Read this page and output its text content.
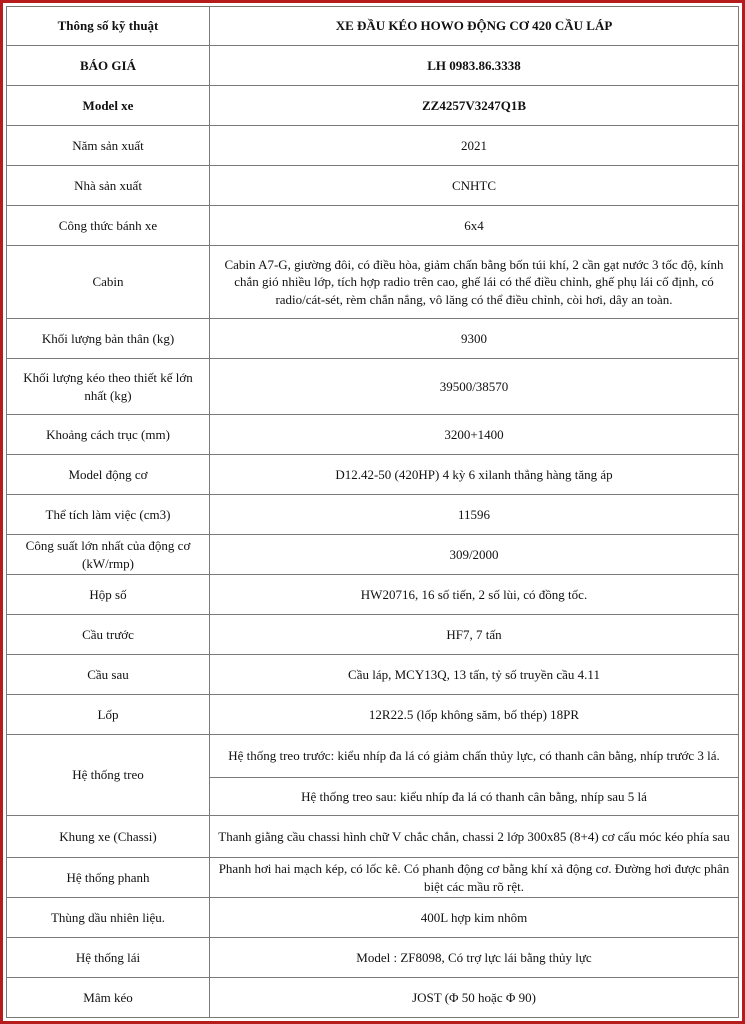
Thông số kỹ thuật	XE ĐẦU KÉO HOWO ĐỘNG CƠ 420 CẦU LÁP
BÁO GIÁ	LH 0983.86.3338
Model xe	ZZ4257V3247Q1B
Năm sản xuất	2021
Nhà sản xuất	CNHTC
Công thức bánh xe	6x4
Cabin	Cabin A7-G, giường đôi, có điều hòa, giảm chấn bằng bốn túi khí, 2 cần gạt nước 3 tốc độ, kính chắn gió nhiều lớp, tích hợp radio trên cao, ghế lái có thể điều chỉnh, ghế phụ lái cố định, có radio/cát-sét, rèm chắn nắng, vô lăng có thể điều chỉnh, còi hơi, dây an toàn.
Khối lượng bản thân (kg)	9300
Khối lượng kéo theo thiết kế lớn nhất (kg)	39500/38570
Khoảng cách trục (mm)	3200+1400
Model động cơ	D12.42-50 (420HP) 4 kỳ 6 xilanh thẳng hàng tăng áp
Thể tích làm việc (cm3)	11596
Công suất lớn nhất của động cơ (kW/rmp)	309/2000
Hộp số	HW20716, 16 số tiến, 2 số lùi, có đồng tốc.
Cầu trước	HF7, 7 tấn
Cầu sau	Cầu láp, MCY13Q, 13 tấn, tỷ số truyền cầu 4.11
Lốp	12R22.5 (lốp không săm, bố thép) 18PR
Hệ thống treo	Hệ thống treo trước: kiểu nhíp đa lá có giảm chấn thủy lực, có thanh cân bằng, nhíp trước 3 lá.
	Hệ thống treo sau: kiểu nhíp đa lá có thanh cân bằng, nhíp sau 5 lá
Khung xe (Chassi)	Thanh giằng cầu chassi hình chữ V chắc chắn, chassi 2 lớp 300x85 (8+4) cơ cấu móc kéo phía sau
Hệ thống phanh	Phanh hơi hai mạch kép, có lốc kê. Có phanh động cơ bằng khí xả động cơ. Đường hơi được phân biệt các mầu rõ rệt.
Thùng dầu nhiên liệu.	400L hợp kim nhôm
Hệ thống lái	Model : ZF8098, Có trợ lực lái bằng thủy lực
Mâm kéo	JOST (Φ 50 hoặc Φ 90)
